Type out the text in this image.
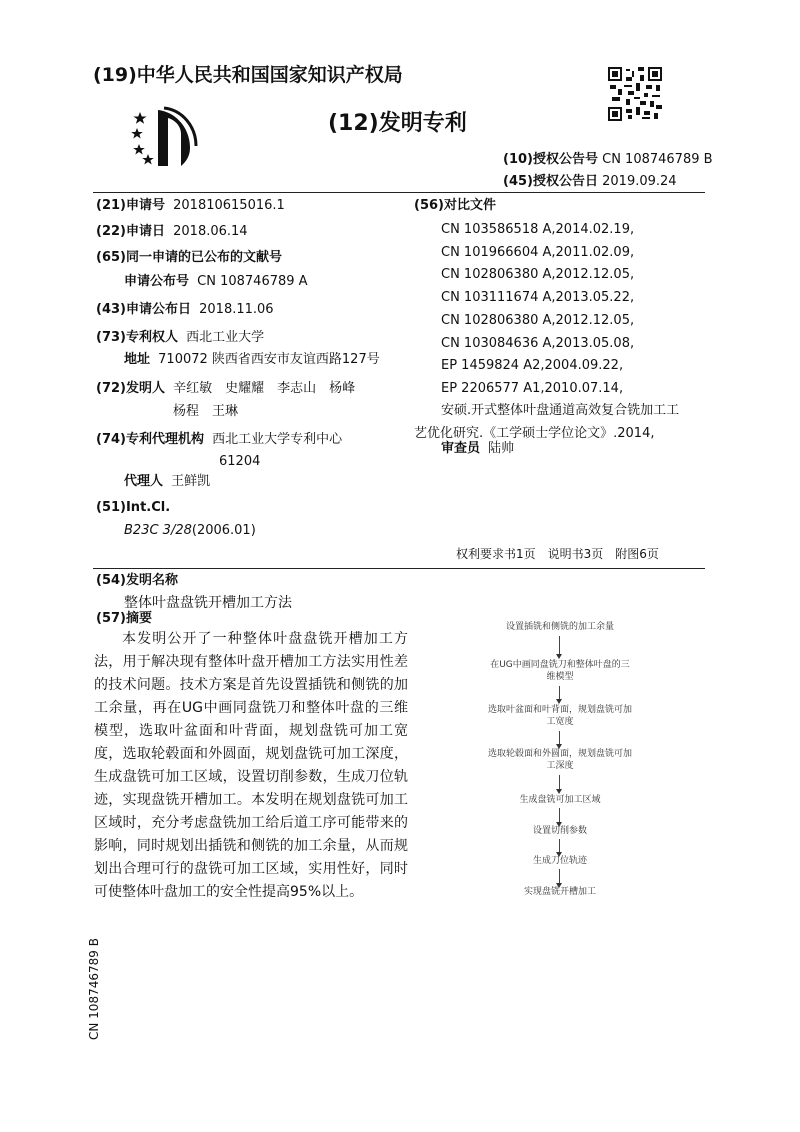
(19)中华人民共和国国家知识产权局
(12)发明专利
(10)授权公告号 CN 108746789 B
(45)授权公告日 2019.09.24
(21)申请号 201810615016.1
(22)申请日 2018.06.14
(65)同一申请的已公布的文献号
申请公布号 CN 108746789 A
(43)申请公布日 2018.11.06
(73)专利权人 西北工业大学
地址 710072 陕西省西安市友谊西路127号
(72)发明人 辛红敏　史耀耀　李志山　杨峰
杨程　王琳
(74)专利代理机构 西北工业大学专利中心
61204
代理人 王鲜凯
(51)Int.Cl.
B23C 3/28(2006.01)
(56)对比文件
CN 103586518 A,2014.02.19,
CN 101966604 A,2011.02.09,
CN 102806380 A,2012.12.05,
CN 103111674 A,2013.05.22,
CN 102806380 A,2012.12.05,
CN 103084636 A,2013.05.08,
EP 1459824 A2,2004.09.22,
EP 2206577 A1,2010.07.14,
安硕.开式整体叶盘通道高效复合铣加工工
艺优化研究.《工学硕士学位论文》.2014,
审查员 陆帅
权利要求书1页　说明书3页　附图6页
(54)发明名称
整体叶盘盘铣开槽加工方法
(57)摘要
本发明公开了一种整体叶盘盘铣开槽加工方法，用于解决现有整体叶盘开槽加工方法实用性差的技术问题。技术方案是首先设置插铣和侧铣的加工余量，再在UG中画同盘铣刀和整体叶盘的三维模型，选取叶盆面和叶背面，规划盘铣可加工宽度，选取轮毂面和外圆面，规划盘铣可加工深度，生成盘铣可加工区域，设置切削参数，生成刀位轨迹，实现盘铣开槽加工。本发明在规划盘铣可加工区域时，充分考虑盘铣加工给后道工序可能带来的影响，同时规划出插铣和侧铣的加工余量，从而规划出合理可行的盘铣可加工区域，实用性好，同时可使整体叶盘加工的安全性提高95%以上。
设置插铣和侧铣的加工余量
在UG中画同盘铣刀和整体叶盘的三维模型
选取叶盆面和叶背面，规划盘铣可加工宽度
选取轮毂面和外圆面，规划盘铣可加工深度
生成盘铣可加工区域
设置切削参数
生成刀位轨迹
实现盘铣开槽加工
CN 108746789 B
